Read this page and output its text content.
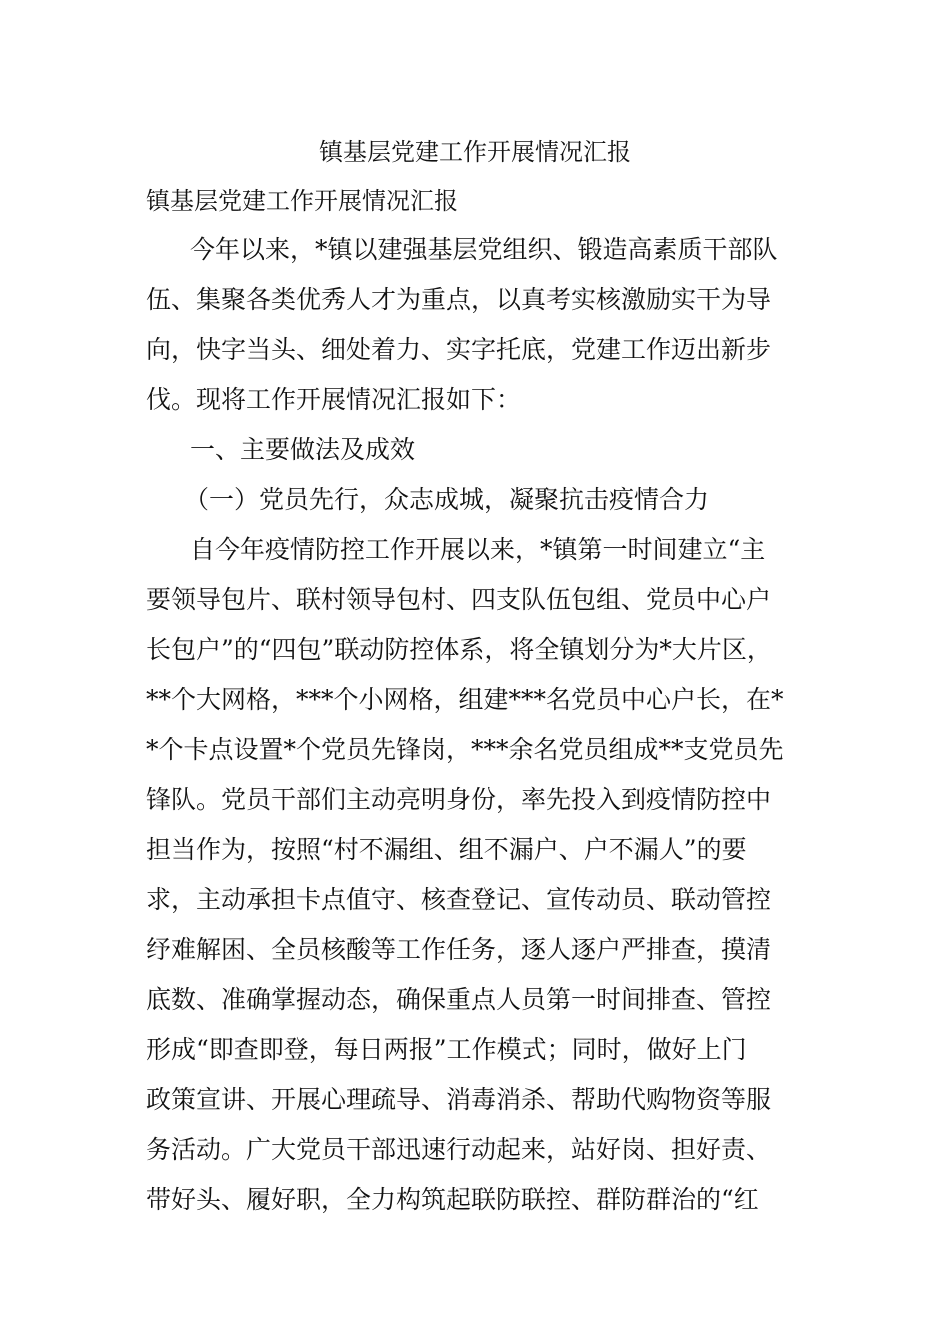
镇基层党建工作开展情况汇报
镇基层党建工作开展情况汇报
今年以来，*镇以建强基层党组织、锻造高素质干部队
伍、集聚各类优秀人才为重点，以真考实核激励实干为导
向，快字当头、细处着力、实字托底，党建工作迈出新步
伐。现将工作开展情况汇报如下：
一、主要做法及成效
（一）党员先行，众志成城，凝聚抗击疫情合力
自今年疫情防控工作开展以来，*镇第一时间建立“主
要领导包片、联村领导包村、四支队伍包组、党员中心户
长包户”的“四包”联动防控体系，将全镇划分为*大片区，
**个大网格，***个小网格，组建***名党员中心户长，在*
*个卡点设置*个党员先锋岗，***余名党员组成**支党员先
锋队。党员干部们主动亮明身份，率先投入到疫情防控中
担当作为，按照“村不漏组、组不漏户、户不漏人”的要
求，主动承担卡点值守、核查登记、宣传动员、联动管控
纾难解困、全员核酸等工作任务，逐人逐户严排查，摸清
底数、准确掌握动态，确保重点人员第一时间排查、管控
形成“即查即登，每日两报”工作模式；同时，做好上门
政策宣讲、开展心理疏导、消毒消杀、帮助代购物资等服
务活动。广大党员干部迅速行动起来，站好岗、担好责、
带好头、履好职，全力构筑起联防联控、群防群治的“红
